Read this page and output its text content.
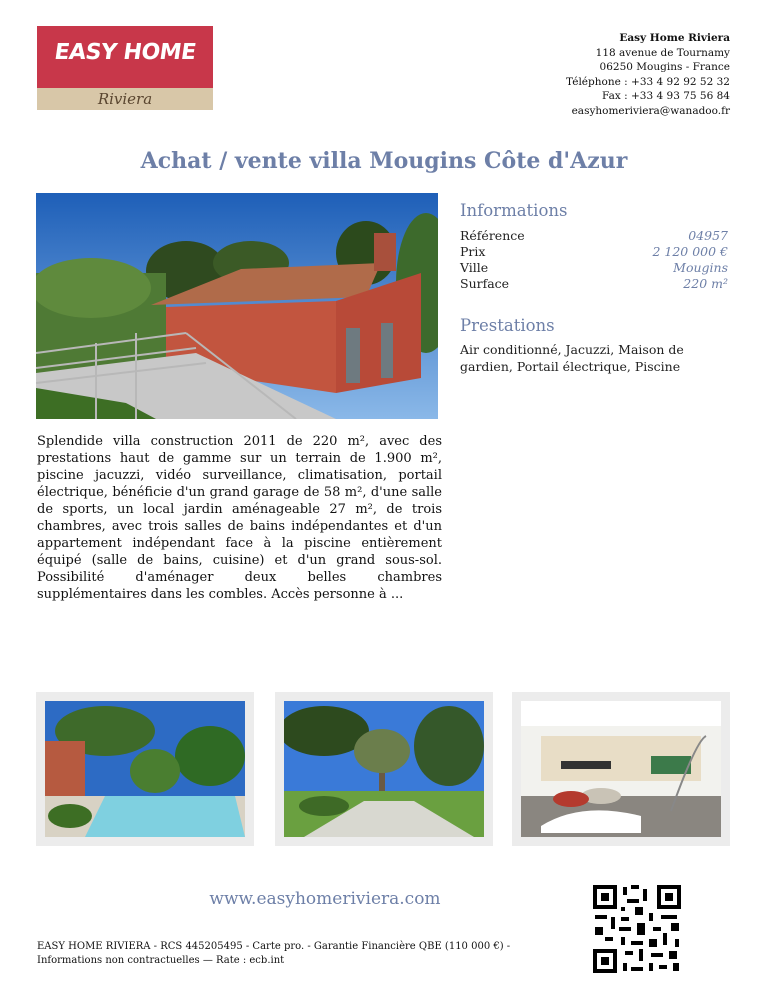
EASY HOME
Riviera
Easy Home Riviera
118 avenue de Tournamy
06250 Mougins - France
Téléphone : +33 4 92 92 52 32
Fax : +33 4 93 75 56 84
easyhomeriviera@wanadoo.fr
Achat / vente villa Mougins Côte d'Azur
Informations
Référence	04957
Prix	2 120 000 €
Ville	Mougins
Surface	220 m²
Prestations
Air conditionné, Jacuzzi, Maison de gardien, Portail électrique, Piscine
Splendide villa construction 2011 de 220 m², avec des prestations haut de gamme sur un terrain de 1.900 m², piscine jacuzzi, vidéo surveillance, climatisation, portail électrique, bénéficie d'un grand garage de 58 m², d'une salle de sports, un local jardin aménageable 27 m², de trois chambres, avec trois salles de bains indépendantes et d'un appartement indépendant face à la piscine entièrement équipé (salle de bains, cuisine) et d'un grand sous-sol. Possibilité d'aménager deux belles chambres supplémentaires dans les combles. Accès personne à ...
www.easyhomeriviera.com
EASY HOME RIVIERA - RCS 445205495 - Carte pro. - Garantie Financière QBE (110 000 €) -
Informations non contractuelles — Rate : ecb.int
